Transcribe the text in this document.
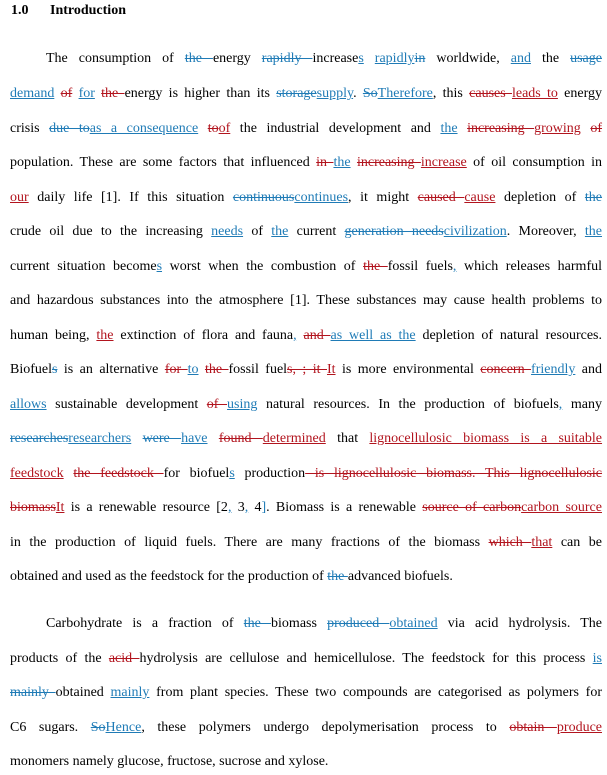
1.0 Introduction
The consumption of the energy rapidly increases rapidlyin worldwide, and the usage
demand of for the energy is higher than its storagesupply. SoTherefore, this causes leads to energy
crisis due toas a consequence toof the industrial development and the increasing growing of
population. These are some factors that influenced in the increasing increase of oil consumption in
our daily life [1]. If this situation continuouscontinues, it might caused cause depletion of the
crude oil due to the increasing needs of the current generation needscivilization. Moreover, the
current situation becomes worst when the combustion of the fossil fuels, which releases harmful
and hazardous substances into the atmosphere [1]. These substances may cause health problems to
human being, the extinction of flora and fauna, and as well as the depletion of natural resources.
Biofuels is an alternative for to the fossil fuels, ; it It is more environmental concern friendly and
allows sustainable development of using natural resources. In the production of biofuels, many
researchesresearchers were have found determined that lignocellulosic biomass is a suitable
feedstock the feedstock for biofuels production is lignocellulosic biomass. This lignocellulosic
biomassIt is a renewable resource [2, 3, 4]. Biomass is a renewable source of carboncarbon source
in the production of liquid fuels. There are many fractions of the biomass which that can be
obtained and used as the feedstock for the production of the advanced biofuels.
Carbohydrate is a fraction of the biomass produced obtained via acid hydrolysis. The
products of the acid hydrolysis are cellulose and hemicellulose. The feedstock for this process is
mainly obtained mainly from plant species. These two compounds are categorised as polymers for
C6 sugars. SoHence, these polymers undergo depolymerisation process to obtain produce
monomers namely glucose, fructose, sucrose and xylose.
